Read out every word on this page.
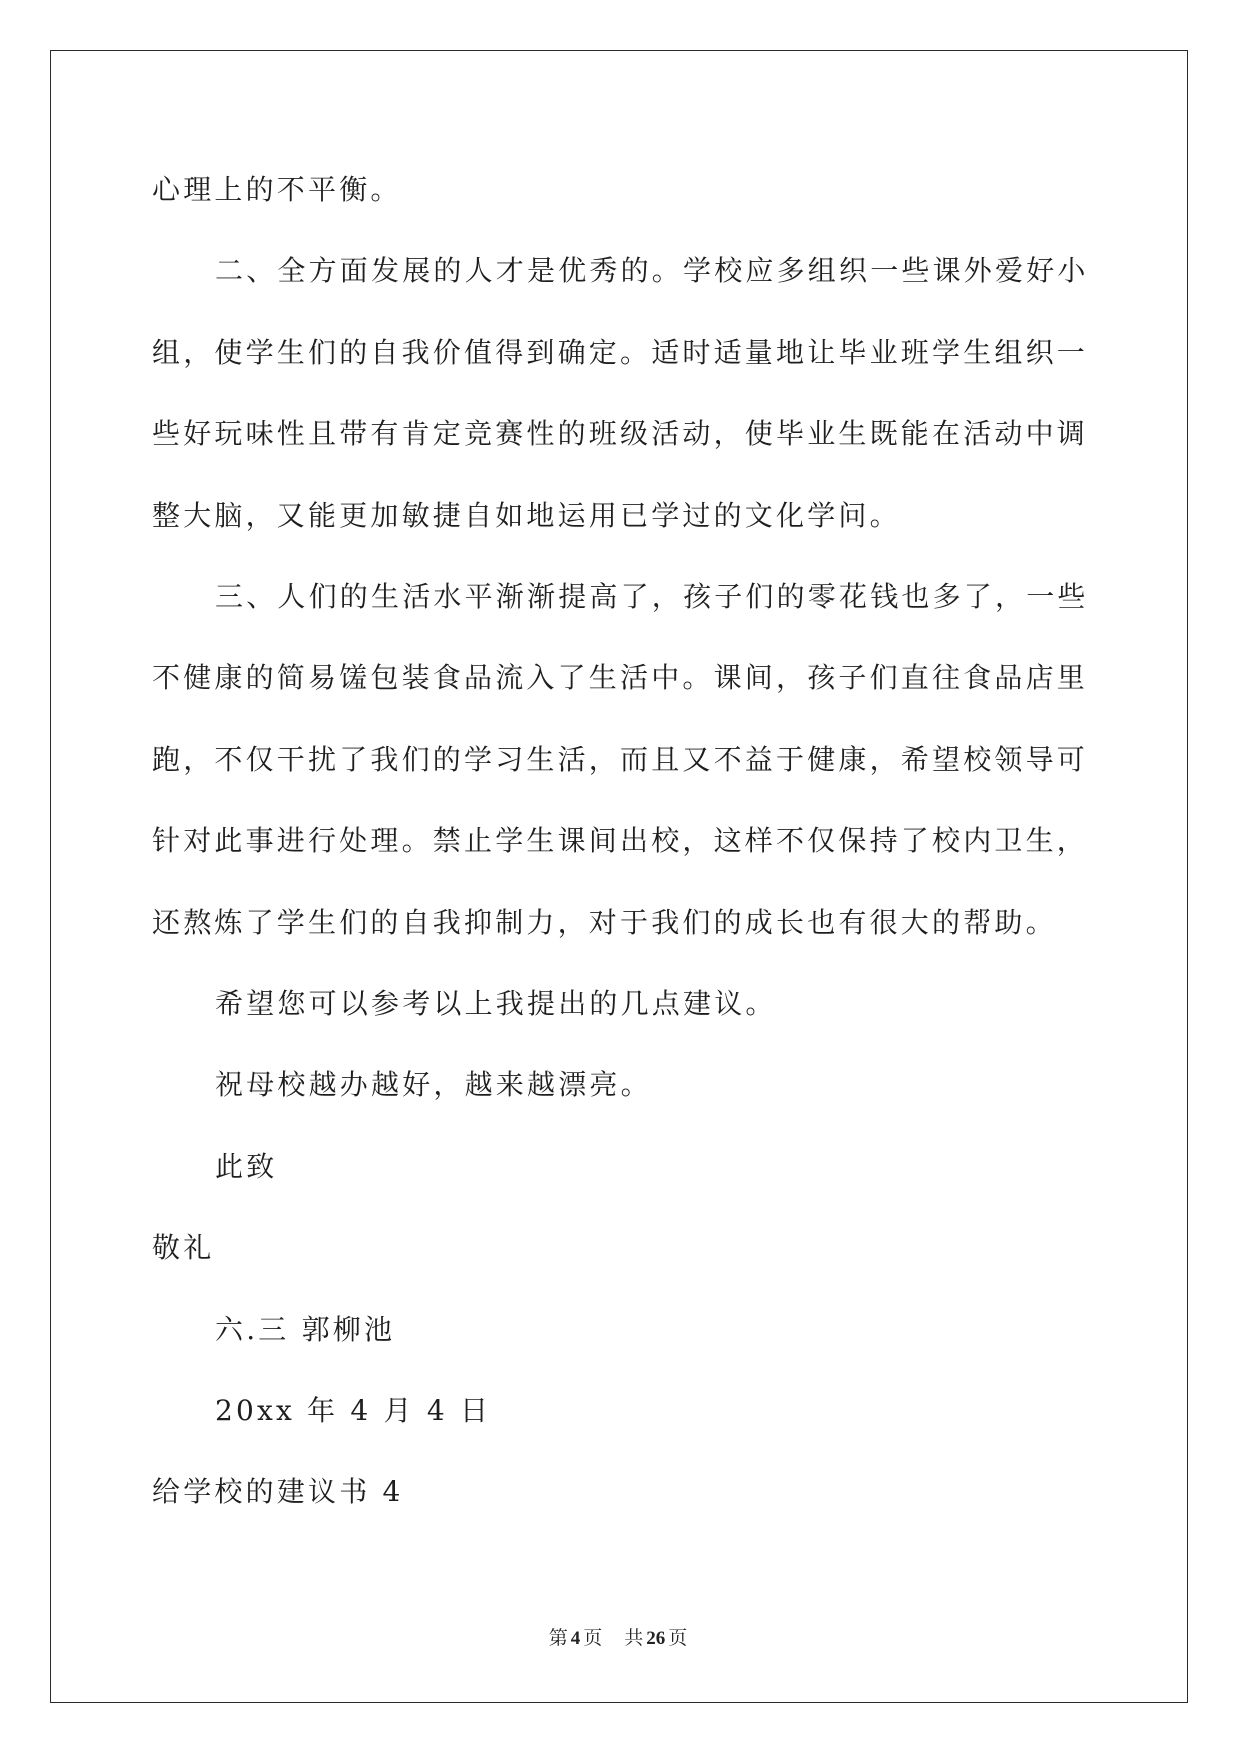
心理上的不平衡。
二、全方面发展的人才是优秀的。学校应多组织一些课外爱好小
组，使学生们的自我价值得到确定。适时适量地让毕业班学生组织一
些好玩味性且带有肯定竞赛性的班级活动，使毕业生既能在活动中调
整大脑，又能更加敏捷自如地运用已学过的文化学问。
三、人们的生活水平渐渐提高了，孩子们的零花钱也多了，一些
不健康的简易馐包装食品流入了生活中。课间，孩子们直往食品店里
跑，不仅干扰了我们的学习生活，而且又不益于健康，希望校领导可
针对此事进行处理。禁止学生课间出校，这样不仅保持了校内卫生，
还熬炼了学生们的自我抑制力，对于我们的成长也有很大的帮助。
希望您可以参考以上我提出的几点建议。
祝母校越办越好，越来越漂亮。
此致
敬礼
六.三 郭柳池
20xx 年 4 月 4 日
给学校的建议书 4
第 4 页 共 26 页
